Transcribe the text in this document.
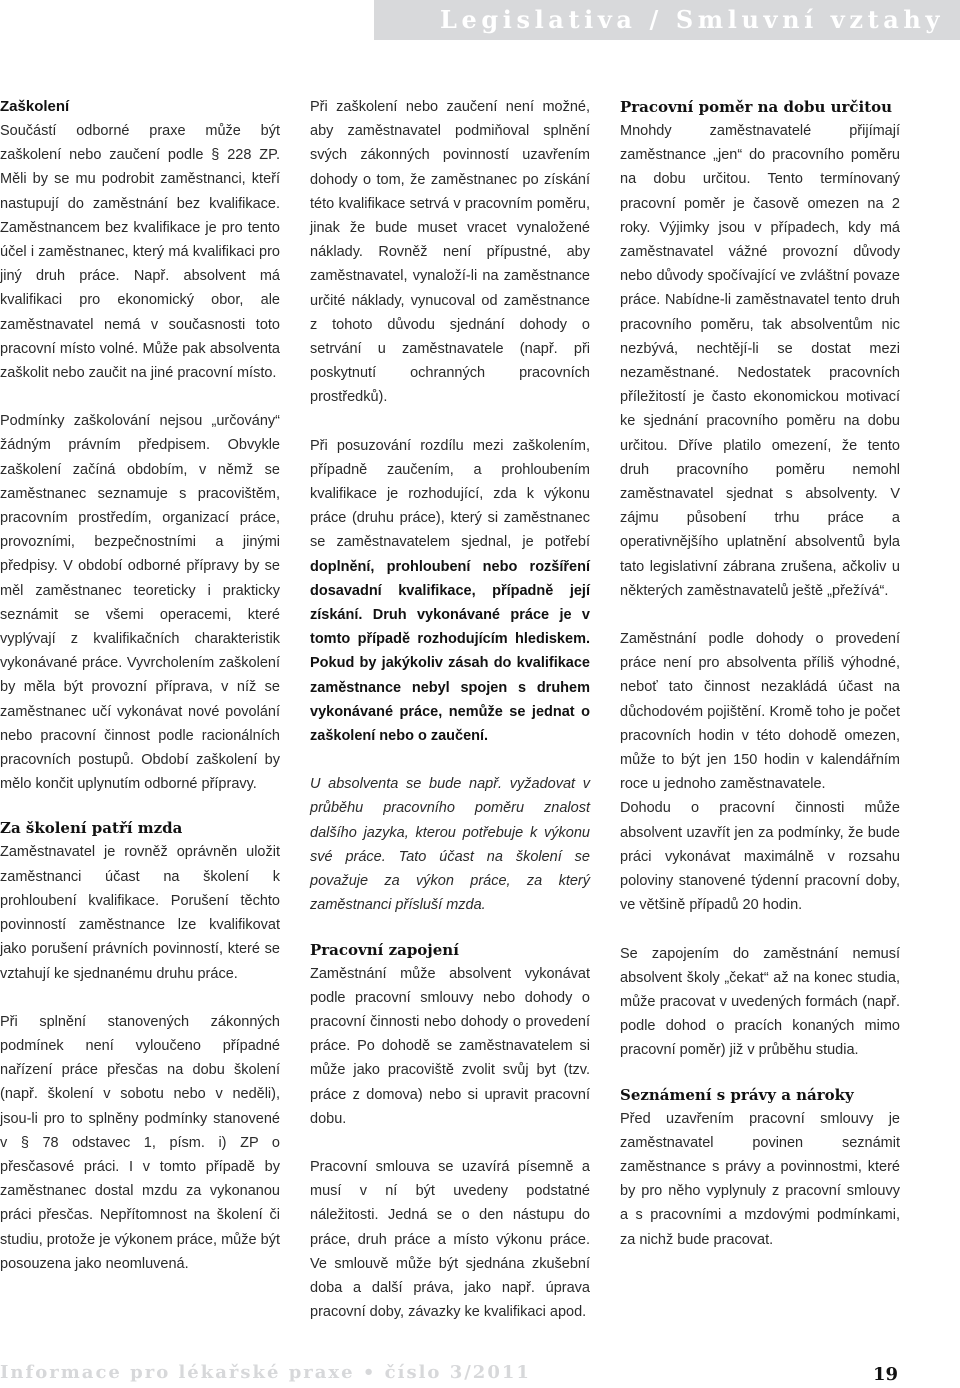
Legislativa / Smluvní vztahy
Zaškolení

Součástí odborné praxe může být zaškolení nebo zaučení podle § 228 ZP. Měli by se mu podrobit zaměstnanci, kteří nastupují do zaměstnání bez kvalifikace. Zaměstnancem bez kvalifikace je pro tento účel i zaměstnanec, který má kvalifikaci pro jiný druh práce. Např. absolvent má kvalifikaci pro ekonomický obor, ale zaměstnavatel nemá v současnosti toto pracovní místo volné. Může pak absolventa zaškolit nebo zaučit na jiné pracovní místo.

Podmínky zaškolování nejsou „určovány“ žádným právním předpisem. Obvykle zaškolení začíná obdobím, v němž se zaměstnanec seznamuje s pracovištěm, pracovním prostředím, organizací práce, provozními, bezpečnostními a jinými předpisy. V období odborné přípravy by se měl zaměstnanec teoreticky i prakticky seznámit se všemi operacemi, které vyplývají z kvalifikačních charakteristik vykonávané práce. Vyvrcholením zaškolení by měla být provozní příprava, v níž se zaměstnanec učí vykonávat nové povolání nebo pracovní činnost podle racionálních pracovních postupů. Období zaškolení by mělo končit uplynutím odborné přípravy.

Za školení patří mzda

Zaměstnavatel je rovněž oprávněn uložit zaměstnanci účast na školení k prohloubení kvalifikace. Porušení těchto povinností zaměstnance lze kvalifikovat jako porušení právních povinností, které se vztahují ke sjednanému druhu práce.

Při splnění stanovených zákonných podmínek není vyloučeno případné nařízení práce přesčas na dobu školení (např. školení v sobotu nebo v neděli), jsou-li pro to splněny podmínky stanovené v § 78 odstavec 1, písm. i) ZP o přesčasové práci. I v tomto případě by zaměstnanec dostal mzdu za vykonanou práci přesčas. Nepřítomnost na školení či studiu, protože je výkonem práce, může být posouzena jako neomluvená.

Při zaškolení nebo zaučení není možné, aby zaměstnavatel podmiňoval splnění svých zákonných povinností uzavřením dohody o tom, že zaměstnanec po získání této kvalifikace setrvá v pracovním poměru, jinak že bude muset vracet vynaložené náklady. Rovněž není přípustné, aby zaměstnavatel, vynaloží-li na zaměstnance určité náklady, vynucoval od zaměstnance z tohoto důvodu sjednání dohody o setrvání u zaměstnavatele (např. při poskytnutí ochranných pracovních prostředků).

Při posuzování rozdílu mezi zaškolením, případně zaučením, a prohloubením kvalifikace je rozhodující, zda k výkonu práce (druhu práce), který si zaměstnanec se zaměstnavatelem sjednal, je potřebí doplnění, prohloubení nebo rozšíření dosavadní kvalifikace, případně její získání. Druh vykonávané práce je v tomto případě rozhodujícím hlediskem. Pokud by jakýkoliv zásah do kvalifikace zaměstnance nebyl spojen s druhem vykonávané práce, nemůže se jednat o zaškolení nebo o zaučení.

U absolventa se bude např. vyžadovat v průběhu pracovního poměru znalost dalšího jazyka, kterou potřebuje k výkonu své práce. Tato účast na školení se považuje za výkon práce, za který zaměstnanci přísluší mzda.

Pracovní zapojení

Zaměstnání může absolvent vykonávat podle pracovní smlouvy nebo dohody o pracovní činnosti nebo dohody o provedení práce. Po dohodě se zaměstnavatelem si může jako pracoviště zvolit svůj byt (tzv. práce z domova) nebo si upravit pracovní dobu.

Pracovní smlouva se uzavírá písemně a musí v ní být uvedeny podstatné náležitosti. Jedná se o den nástupu do práce, druh práce a místo výkonu práce. Ve smlouvě může být sjednána zkušební doba a další práva, jako např. úprava pracovní doby, závazky ke kvalifikaci apod.

Pracovní poměr na dobu určitou

Mnohdy zaměstnavatelé přijímají zaměstnance „jen“ do pracovního poměru na dobu určitou. Tento termínovaný pracovní poměr je časově omezen na 2 roky. Výjimky jsou v případech, kdy má zaměstnavatel vážné provozní důvody nebo důvody spočívající ve zvláštní povaze práce. Nabídne-li zaměstnavatel tento druh pracovního poměru, tak absolventům nic nezbývá, nechtějí-li se dostat mezi nezaměstnané. Nedostatek pracovních příležitostí je často ekonomickou motivací ke sjednání pracovního poměru na dobu určitou. Dříve platilo omezení, že tento druh pracovního poměru nemohl zaměstnavatel sjednat s absolventy. V zájmu působení trhu práce a operativnějšího uplatnění absolventů byla tato legislativní zábrana zrušena, ačkoliv u některých zaměstnavatelů ještě „přežívá“.

Zaměstnání podle dohody o provedení práce není pro absolventa příliš výhodné, neboť tato činnost nezakládá účast na důchodovém pojištění. Kromě toho je počet pracovních hodin v této dohodě omezen, může to být jen 150 hodin v kalendářním roce u jednoho zaměstnavatele.

Dohodu o pracovní činnosti může absolvent uzavřít jen za podmínky, že bude práci vykonávat maximálně v rozsahu poloviny stanovené týdenní pracovní doby, ve většině případů 20 hodin.

Se zapojením do zaměstnání nemusí absolvent školy „čekat“ až na konec studia, může pracovat v uvedených formách (např. podle dohod o pracích konaných mimo pracovní poměr) již v průběhu studia.

Seznámení s právy a nároky

Před uzavřením pracovní smlouvy je zaměstnavatel povinen seznámit zaměstnance s právy a povinnostmi, které by pro něho vyplynuly z pracovní smlouvy a s pracovními a mzdovými podmínkami, za nichž bude pracovat.

Informace pro lékařské praxe • číslo 3/2011	19
